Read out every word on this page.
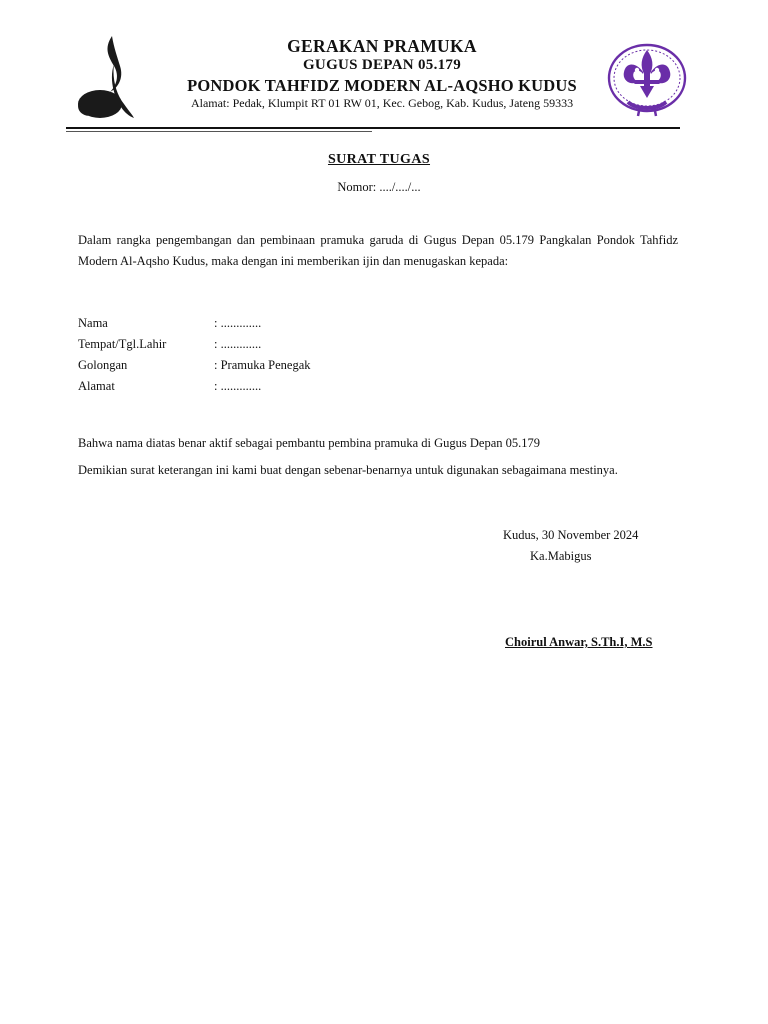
GERAKAN PRAMUKA
GUGUS DEPAN 05.179
PONDOK TAHFIDZ MODERN AL-AQSHO KUDUS
Alamat: Pedak, Klumpit RT 01 RW 01, Kec. Gebog, Kab. Kudus, Jateng 59333
SURAT TUGAS
Nomor: ..../..../...
Dalam rangka pengembangan dan pembinaan pramuka garuda di Gugus Depan 05.179 Pangkalan Pondok Tahfidz Modern Al-Aqsho Kudus, maka dengan ini memberikan ijin dan menugaskan kepada:
Nama	: .............
Tempat/Tgl.Lahir	: .............
Golongan	: Pramuka Penegak
Alamat	: .............
Bahwa nama diatas benar aktif sebagai pembantu pembina pramuka di Gugus Depan 05.179
Demikian surat keterangan ini kami buat dengan sebenar-benarnya untuk digunakan sebagaimana mestinya.
Kudus, 30 November 2024
Ka.Mabigus
Choirul Anwar, S.Th.I, M.S
